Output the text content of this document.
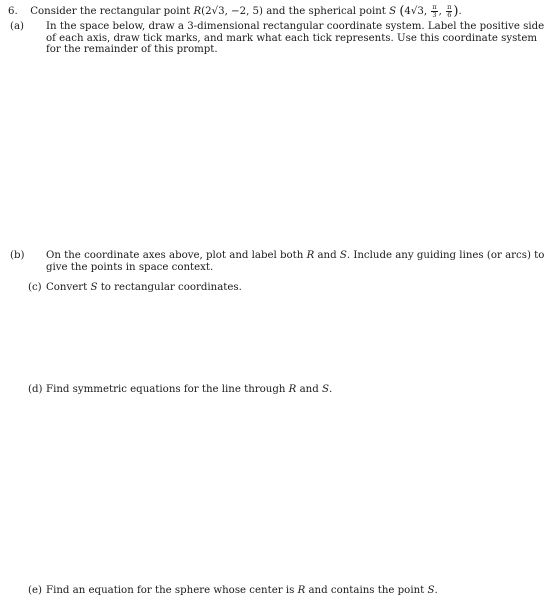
6. Consider the rectangular point R(2√3, −2, 5) and the spherical point S (4√3, $\frac{\pi}{3}$ , $\frac{\pi}{6}$ ).
(a) In the space below, draw a 3-dimensional rectangular coordinate system. Label the positive side of each axis, draw tick marks, and mark what each tick represents. Use this coordinate system for the remainder of this prompt.
(b) On the coordinate axes above, plot and label both R and S. Include any guiding lines (or arcs) to give the points in space context.
(c) Convert S to rectangular coordinates.
(d) Find symmetric equations for the line through R and S.
(e) Find an equation for the sphere whose center is R and contains the point S.
